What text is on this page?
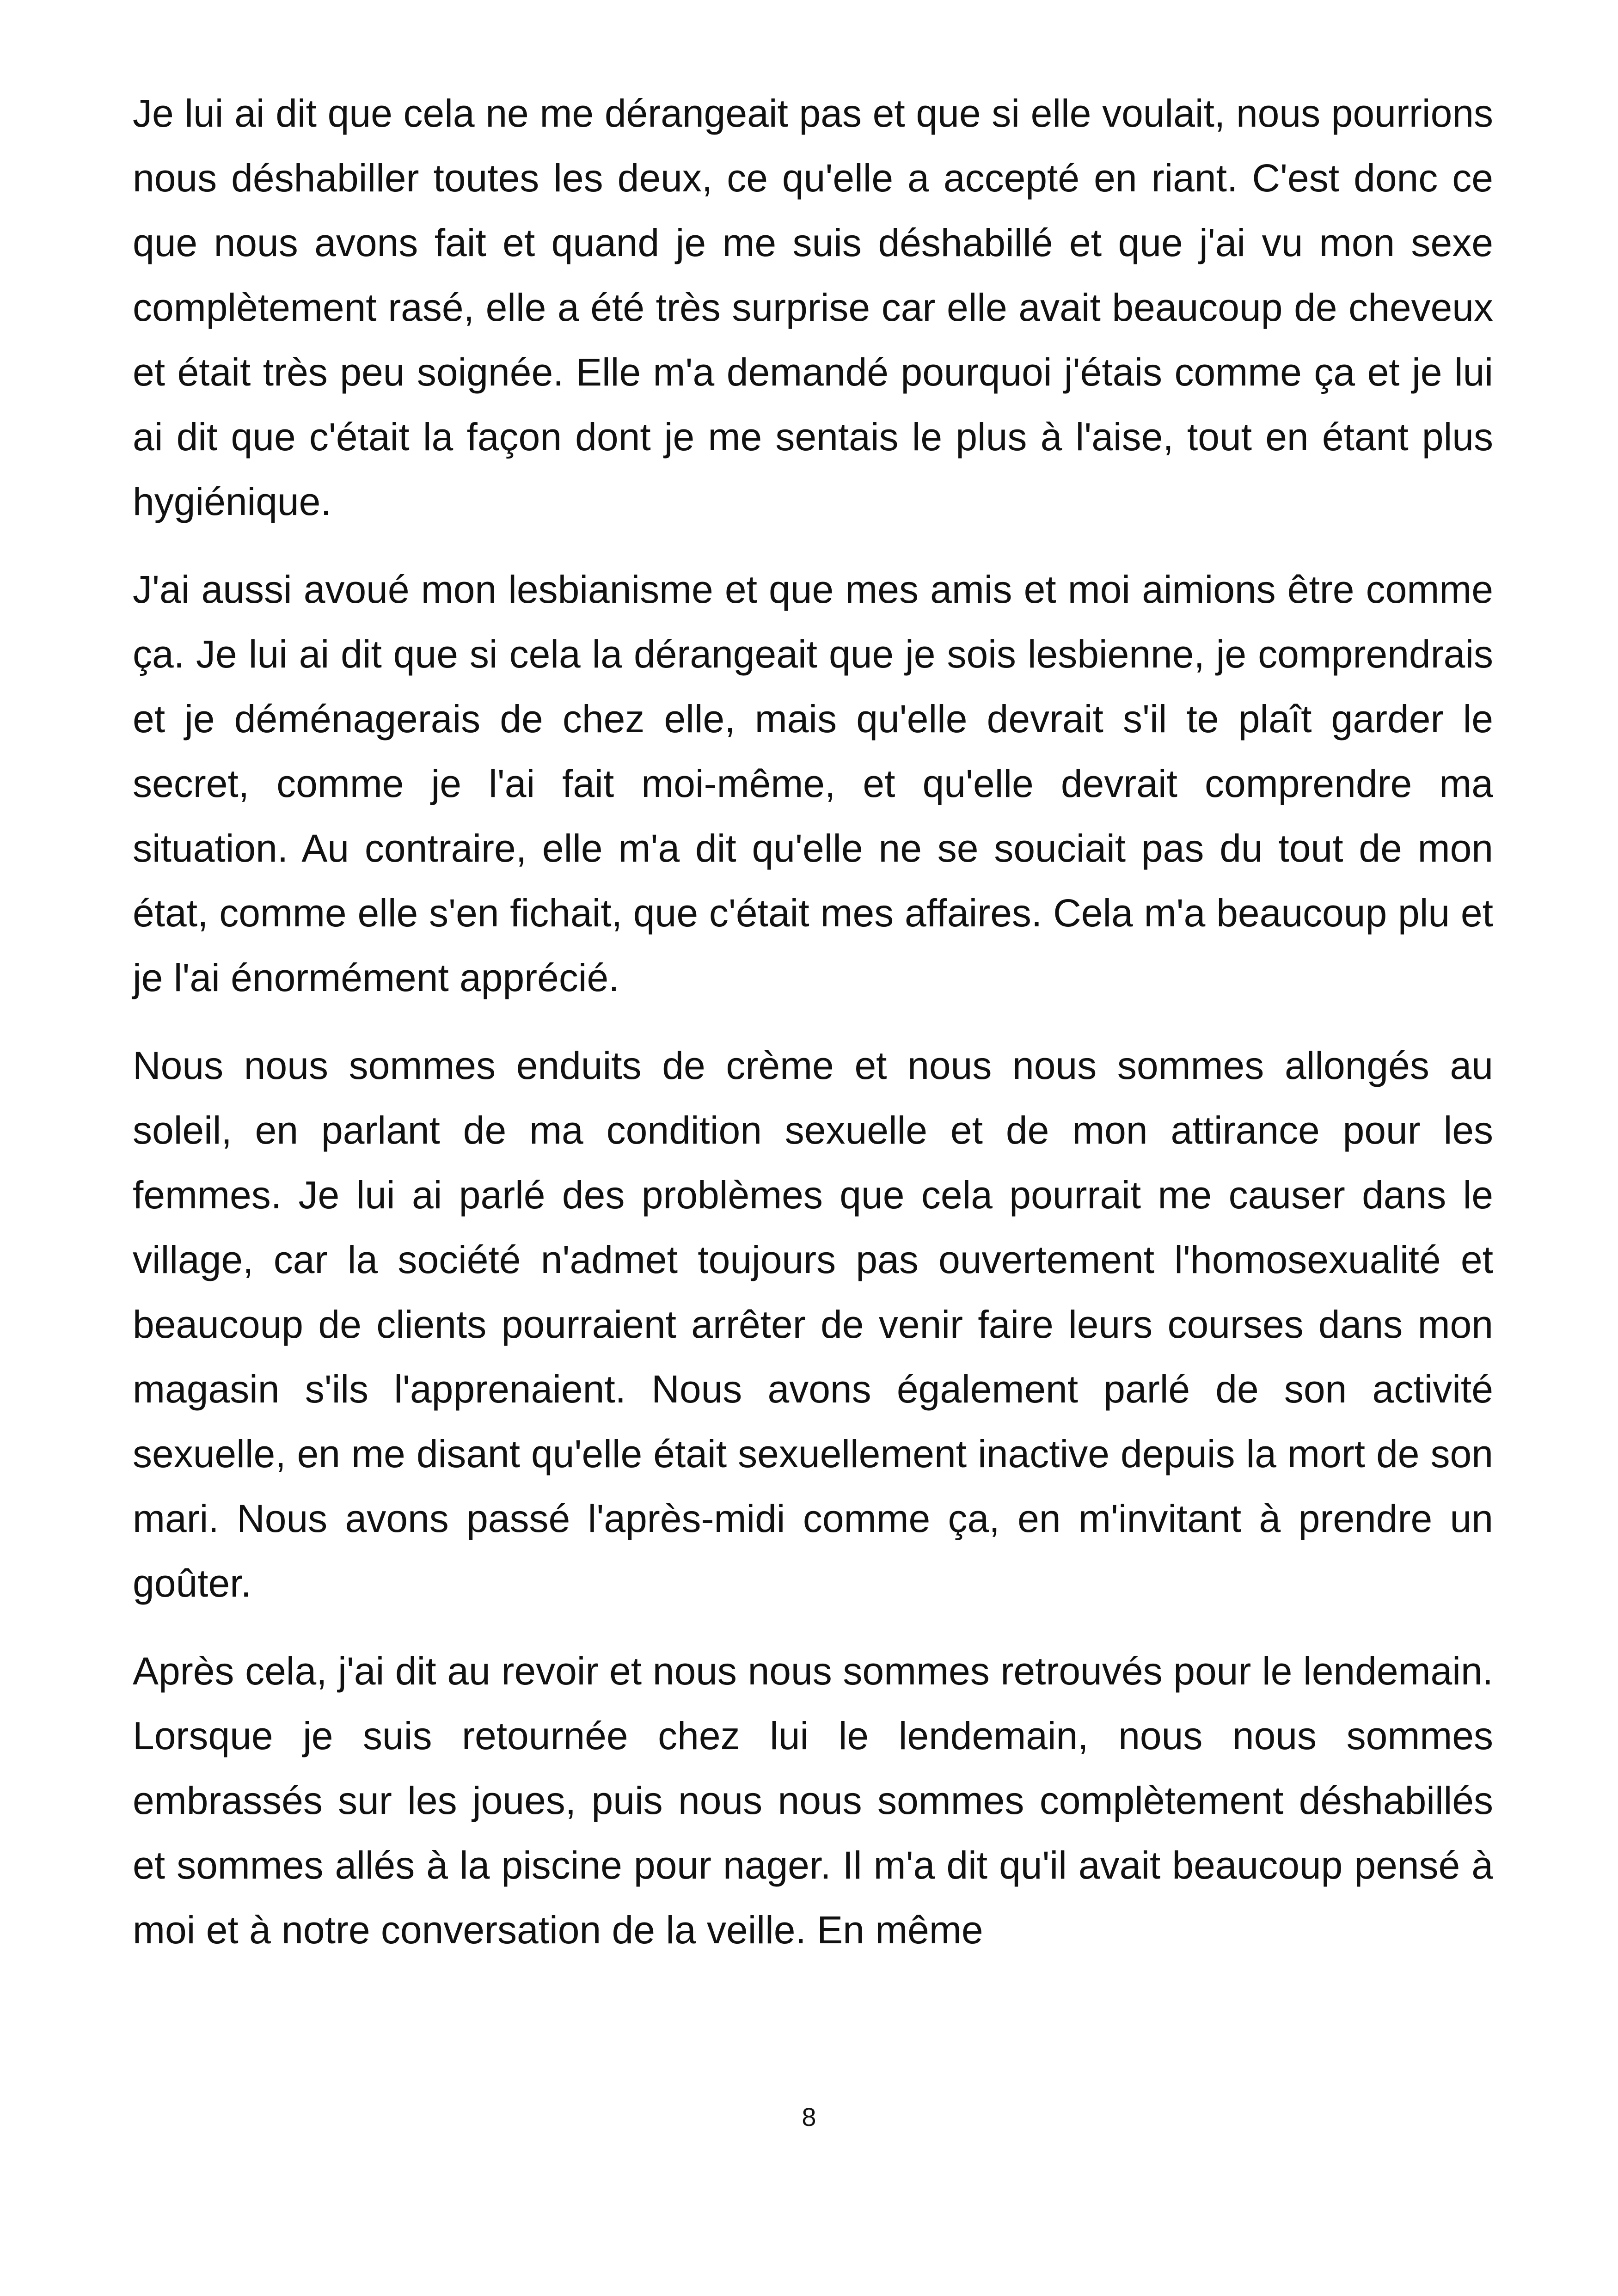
Je lui ai dit que cela ne me dérangeait pas et que si elle voulait, nous pourrions nous déshabiller toutes les deux, ce qu'elle a accepté en riant. C'est donc ce que nous avons fait et quand je me suis déshabillé et que j'ai vu mon sexe complètement rasé, elle a été très surprise car elle avait beaucoup de cheveux et était très peu soignée. Elle m'a demandé pourquoi j'étais comme ça et je lui ai dit que c'était la façon dont je me sentais le plus à l'aise, tout en étant plus hygiénique.

J'ai aussi avoué mon lesbianisme et que mes amis et moi aimions être comme ça. Je lui ai dit que si cela la dérangeait que je sois lesbienne, je comprendrais et je déménagerais de chez elle, mais qu'elle devrait s'il te plaît garder le secret, comme je l'ai fait moi-même, et qu'elle devrait comprendre ma situation. Au contraire, elle m'a dit qu'elle ne se souciait pas du tout de mon état, comme elle s'en fichait, que c'était mes affaires. Cela m'a beaucoup plu et je l'ai énormément apprécié.

Nous nous sommes enduits de crème et nous nous sommes allongés au soleil, en parlant de ma condition sexuelle et de mon attirance pour les femmes. Je lui ai parlé des problèmes que cela pourrait me causer dans le village, car la société n'admet toujours pas ouvertement l'homosexualité et beaucoup de clients pourraient arrêter de venir faire leurs courses dans mon magasin s'ils l'apprenaient. Nous avons également parlé de son activité sexuelle, en me disant qu'elle était sexuellement inactive depuis la mort de son mari. Nous avons passé l'après-midi comme ça, en m'invitant à prendre un goûter.

Après cela, j'ai dit au revoir et nous nous sommes retrouvés pour le lendemain. Lorsque je suis retournée chez lui le lendemain, nous nous sommes embrassés sur les joues, puis nous nous sommes complètement déshabillés et sommes allés à la piscine pour nager. Il m'a dit qu'il avait beaucoup pensé à moi et à notre conversation de la veille. En même

8
